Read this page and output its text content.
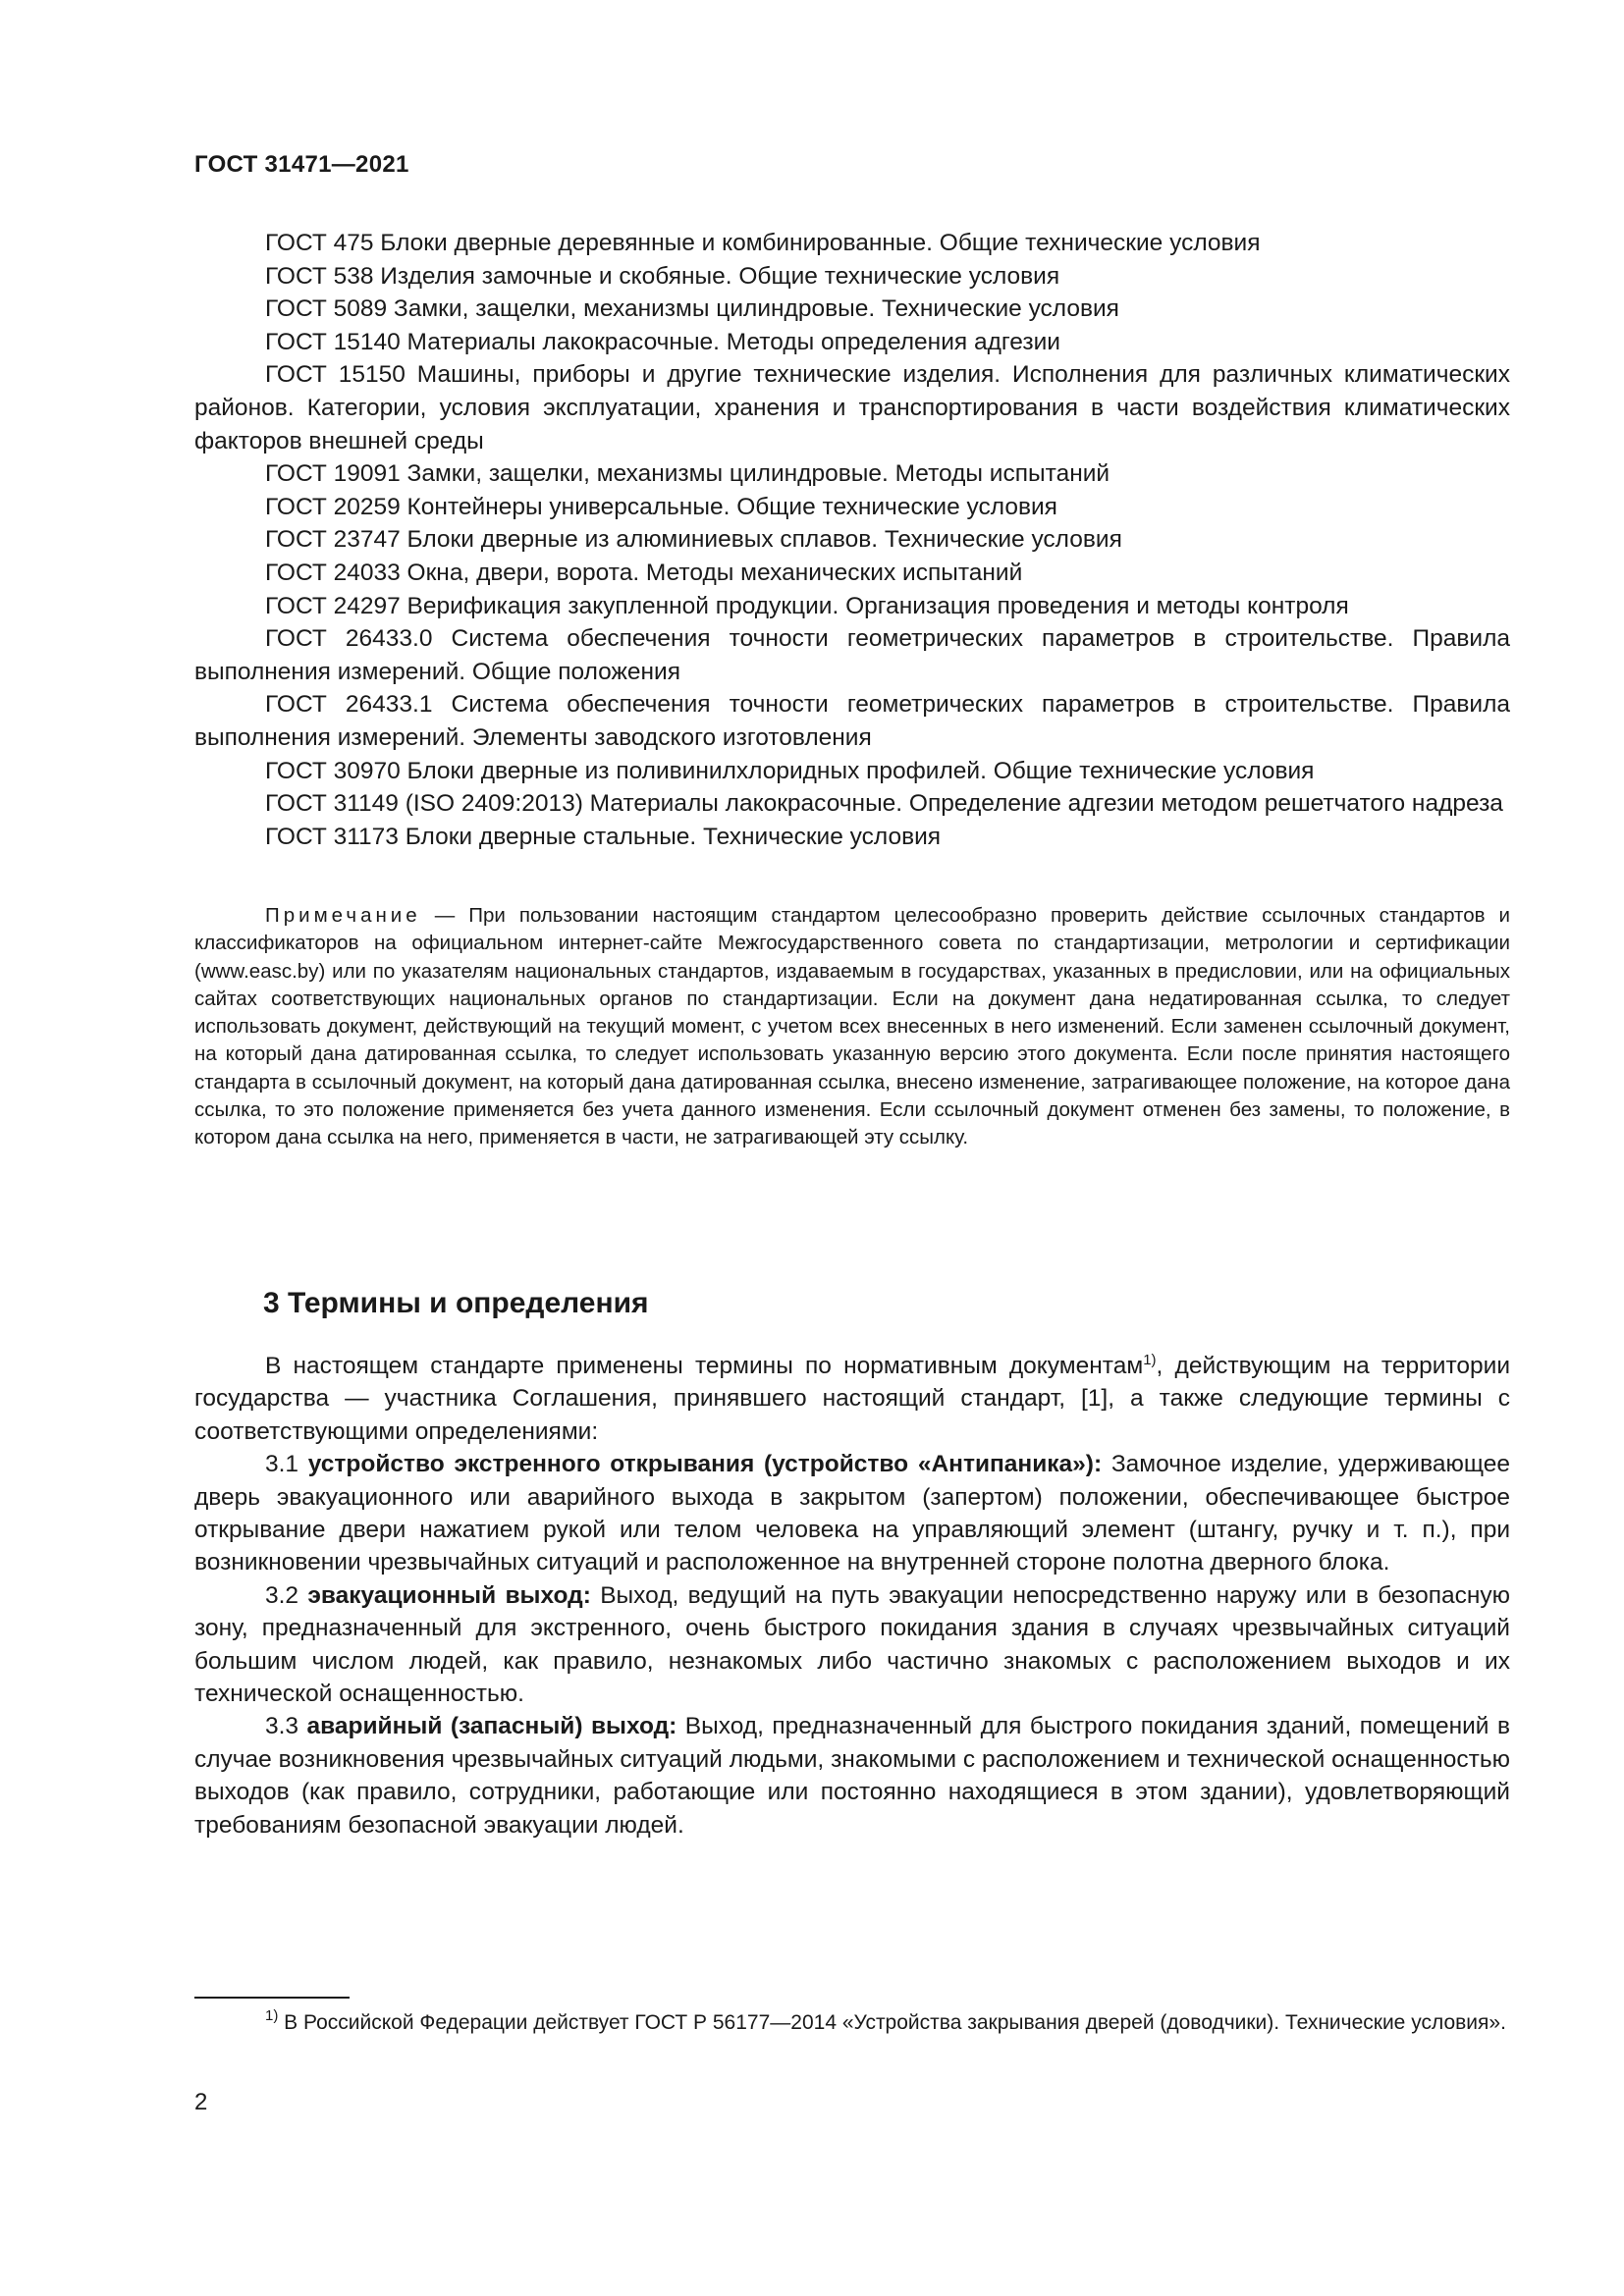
ГОСТ 31471—2021

ГОСТ 475 Блоки дверные деревянные и комбинированные. Общие технические условия

ГОСТ 538 Изделия замочные и скобяные. Общие технические условия

ГОСТ 5089 Замки, защелки, механизмы цилиндровые. Технические условия

ГОСТ 15140 Материалы лакокрасочные. Методы определения адгезии

ГОСТ 15150 Машины, приборы и другие технические изделия. Исполнения для различных климатических районов. Категории, условия эксплуатации, хранения и транспортирования в части воздействия климатических факторов внешней среды

ГОСТ 19091 Замки, защелки, механизмы цилиндровые. Методы испытаний

ГОСТ 20259 Контейнеры универсальные. Общие технические условия

ГОСТ 23747 Блоки дверные из алюминиевых сплавов. Технические условия

ГОСТ 24033 Окна, двери, ворота. Методы механических испытаний

ГОСТ 24297 Верификация закупленной продукции. Организация проведения и методы контроля

ГОСТ 26433.0 Система обеспечения точности геометрических параметров в строительстве. Правила выполнения измерений. Общие положения

ГОСТ 26433.1 Система обеспечения точности геометрических параметров в строительстве. Правила выполнения измерений. Элементы заводского изготовления

ГОСТ 30970 Блоки дверные из поливинилхлоридных профилей. Общие технические условия

ГОСТ 31149 (ISO 2409:2013) Материалы лакокрасочные. Определение адгезии методом решетчатого надреза

ГОСТ 31173 Блоки дверные стальные. Технические условия

Примечание — При пользовании настоящим стандартом целесообразно проверить действие ссылочных стандартов и классификаторов на официальном интернет-сайте Межгосударственного совета по стандартизации, метрологии и сертификации (www.easc.by) или по указателям национальных стандартов, издаваемым в государствах, указанных в предисловии, или на официальных сайтах соответствующих национальных органов по стандартизации. Если на документ дана недатированная ссылка, то следует использовать документ, действующий на текущий момент, с учетом всех внесенных в него изменений. Если заменен ссылочный документ, на который дана датированная ссылка, то следует использовать указанную версию этого документа. Если после принятия настоящего стандарта в ссылочный документ, на который дана датированная ссылка, внесено изменение, затрагивающее положение, на которое дана ссылка, то это положение применяется без учета данного изменения. Если ссылочный документ отменен без замены, то положение, в котором дана ссылка на него, применяется в части, не затрагивающей эту ссылку.

3 Термины и определения

В настоящем стандарте применены термины по нормативным документам$^{1)}$, действующим на территории государства — участника Соглашения, принявшего настоящий стандарт, [1], а также следующие термины с соответствующими определениями:

3.1 устройство экстренного открывания (устройство «Антипаника»): Замочное изделие, удерживающее дверь эвакуационного или аварийного выхода в закрытом (запертом) положении, обеспечивающее быстрое открывание двери нажатием рукой или телом человека на управляющий элемент (штангу, ручку и т. п.), при возникновении чрезвычайных ситуаций и расположенное на внутренней стороне полотна дверного блока.

3.2 эвакуационный выход: Выход, ведущий на путь эвакуации непосредственно наружу или в безопасную зону, предназначенный для экстренного, очень быстрого покидания здания в случаях чрезвычайных ситуаций большим числом людей, как правило, незнакомых либо частично знакомых с расположением выходов и их технической оснащенностью.

3.3 аварийный (запасный) выход: Выход, предназначенный для быстрого покидания зданий, помещений в случае возникновения чрезвычайных ситуаций людьми, знакомыми с расположением и технической оснащенностью выходов (как правило, сотрудники, работающие или постоянно находящиеся в этом здании), удовлетворяющий требованиям безопасной эвакуации людей.

$^{1)}$ В Российской Федерации действует ГОСТ Р 56177—2014 «Устройства закрывания дверей (доводчики). Технические условия».

2
